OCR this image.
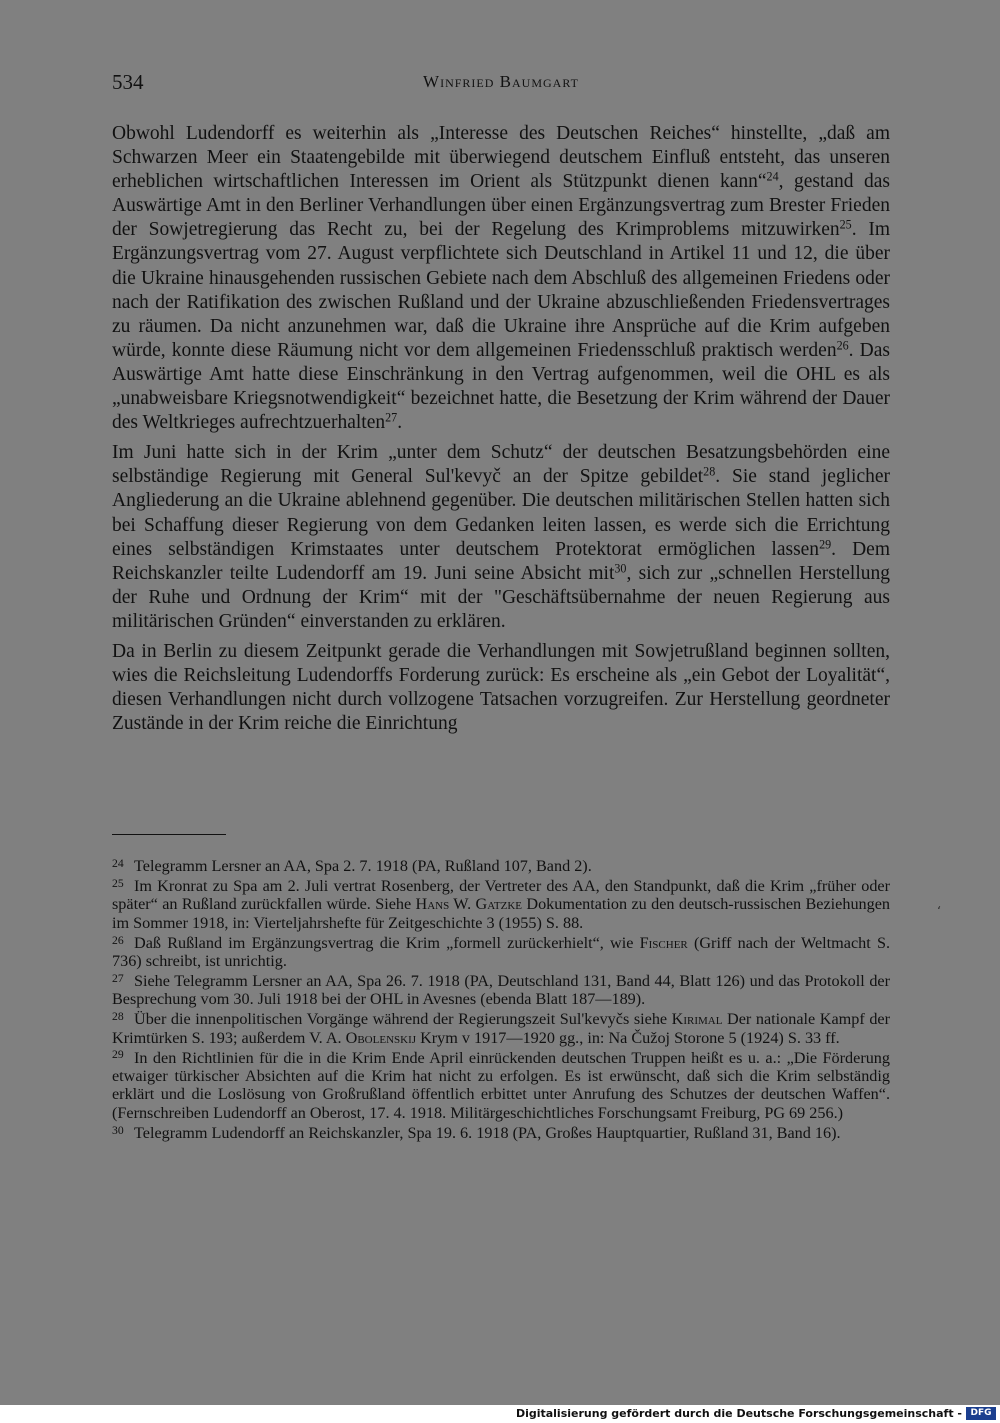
534	Winfried Baumgart

Obwohl Ludendorff es weiterhin als „Interesse des Deutschen Reiches“ hinstellte, „daß am Schwarzen Meer ein Staatengebilde mit überwiegend deutschem Einfluß entsteht, das unseren erheblichen wirtschaftlichen Interessen im Orient als Stützpunkt dienen kann“$^{24}$, gestand das Auswärtige Amt in den Berliner Verhandlungen über einen Ergänzungsvertrag zum Brester Frieden der Sowjetregierung das Recht zu, bei der Regelung des Krimproblems mitzuwirken$^{25}$. Im Ergänzungsvertrag vom 27. August verpflichtete sich Deutschland in Artikel 11 und 12, die über die Ukraine hinausgehenden russischen Gebiete nach dem Abschluß des allgemeinen Friedens oder nach der Ratifikation des zwischen Rußland und der Ukraine abzuschließenden Friedensvertrages zu räumen. Da nicht anzunehmen war, daß die Ukraine ihre Ansprüche auf die Krim aufgeben würde, konnte diese Räumung nicht vor dem allgemeinen Friedensschluß praktisch werden$^{26}$. Das Auswärtige Amt hatte diese Einschränkung in den Vertrag aufgenommen, weil die OHL es als „unabweisbare Kriegsnotwendigkeit“ bezeichnet hatte, die Besetzung der Krim während der Dauer des Weltkrieges aufrechtzuerhalten$^{27}$.

Im Juni hatte sich in der Krim „unter dem Schutz“ der deutschen Besatzungsbehörden eine selbständige Regierung mit General Sul'kevyč an der Spitze gebildet$^{28}$. Sie stand jeglicher Angliederung an die Ukraine ablehnend gegenüber. Die deutschen militärischen Stellen hatten sich bei Schaffung dieser Regierung von dem Gedanken leiten lassen, es werde sich die Errichtung eines selbständigen Krimstaates unter deutschem Protektorat ermöglichen lassen$^{29}$. Dem Reichskanzler teilte Ludendorff am 19. Juni seine Absicht mit$^{30}$, sich zur „schnellen Herstellung der Ruhe und Ordnung der Krim“ mit der "Geschäftsübernahme der neuen Regierung aus militärischen Gründen“ einverstanden zu erklären.

Da in Berlin zu diesem Zeitpunkt gerade die Verhandlungen mit Sowjetrußland beginnen sollten, wies die Reichsleitung Ludendorffs Forderung zurück: Es erscheine als „ein Gebot der Loyalität“, diesen Verhandlungen nicht durch vollzogene Tatsachen vorzugreifen. Zur Herstellung geordneter Zustände in der Krim reiche die Einrichtung

24 Telegramm Lersner an AA, Spa 2. 7. 1918 (PA, Rußland 107, Band 2).
25 Im Kronrat zu Spa am 2. Juli vertrat Rosenberg, der Vertreter des AA, den Standpunkt, daß die Krim „früher oder später“ an Rußland zurückfallen würde. Siehe Hans W. Gatzke Dokumentation zu den deutsch-russischen Beziehungen im Sommer 1918, in: Vierteljahrshefte für Zeitgeschichte 3 (1955) S. 88.
26 Daß Rußland im Ergänzungsvertrag die Krim „formell zurückerhielt“, wie Fischer (Griff nach der Weltmacht S. 736) schreibt, ist unrichtig.
27 Siehe Telegramm Lersner an AA, Spa 26. 7. 1918 (PA, Deutschland 131, Band 44, Blatt 126) und das Protokoll der Besprechung vom 30. Juli 1918 bei der OHL in Avesnes (ebenda Blatt 187—189).
28 Über die innenpolitischen Vorgänge während der Regierungszeit Sul'kevyčs siehe Kirimal Der nationale Kampf der Krimtürken S. 193; außerdem V. A. Obolenskij Krym v 1917—1920 gg., in: Na Čužoj Storone 5 (1924) S. 33 ff.
29 In den Richtlinien für die in die Krim Ende April einrückenden deutschen Truppen heißt es u. a.: „Die Förderung etwaiger türkischer Absichten auf die Krim hat nicht zu erfolgen. Es ist erwünscht, daß sich die Krim selbständig erklärt und die Loslösung von Großrußland öffentlich erbittet unter Anrufung des Schutzes der deutschen Waffen“. (Fernschreiben Ludendorff an Oberost, 17. 4. 1918. Militärgeschichtliches Forschungsamt Freiburg, PG 69 256.)
30 Telegramm Ludendorff an Reichskanzler, Spa 19. 6. 1918 (PA, Großes Hauptquartier, Rußland 31, Band 16).
‘
Digitalisierung gefördert durch die Deutsche Forschungsgemeinschaft - DFG
